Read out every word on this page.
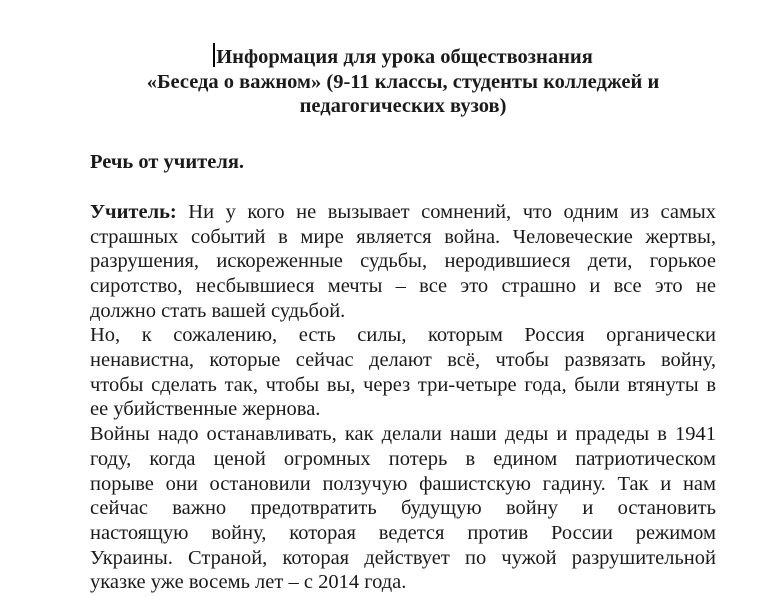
Информация для урока обществознания
«Беседа о важном» (9-11 классы, студенты колледжей и
педагогических вузов)
Речь от учителя.
Учитель: Ни у кого не вызывает сомнений, что одним из самых
страшных событий в мире является война. Человеческие жертвы,
разрушения, искореженные судьбы, неродившиеся дети, горькое
сиротство, несбывшиеся мечты – все это страшно и все это не
должно стать вашей судьбой.
Но, к сожалению, есть силы, которым Россия органически
ненавистна, которые сейчас делают всё, чтобы развязать войну,
чтобы сделать так, чтобы вы, через три-четыре года, были втянуты в
ее убийственные жернова.
Войны надо останавливать, как делали наши деды и прадеды в 1941
году, когда ценой огромных потерь в едином патриотическом
порыве они остановили ползучую фашистскую гадину. Так и нам
сейчас важно предотвратить будущую войну и остановить
настоящую войну, которая ведется против России режимом
Украины. Страной, которая действует по чужой разрушительной
указке уже восемь лет – с 2014 года.
